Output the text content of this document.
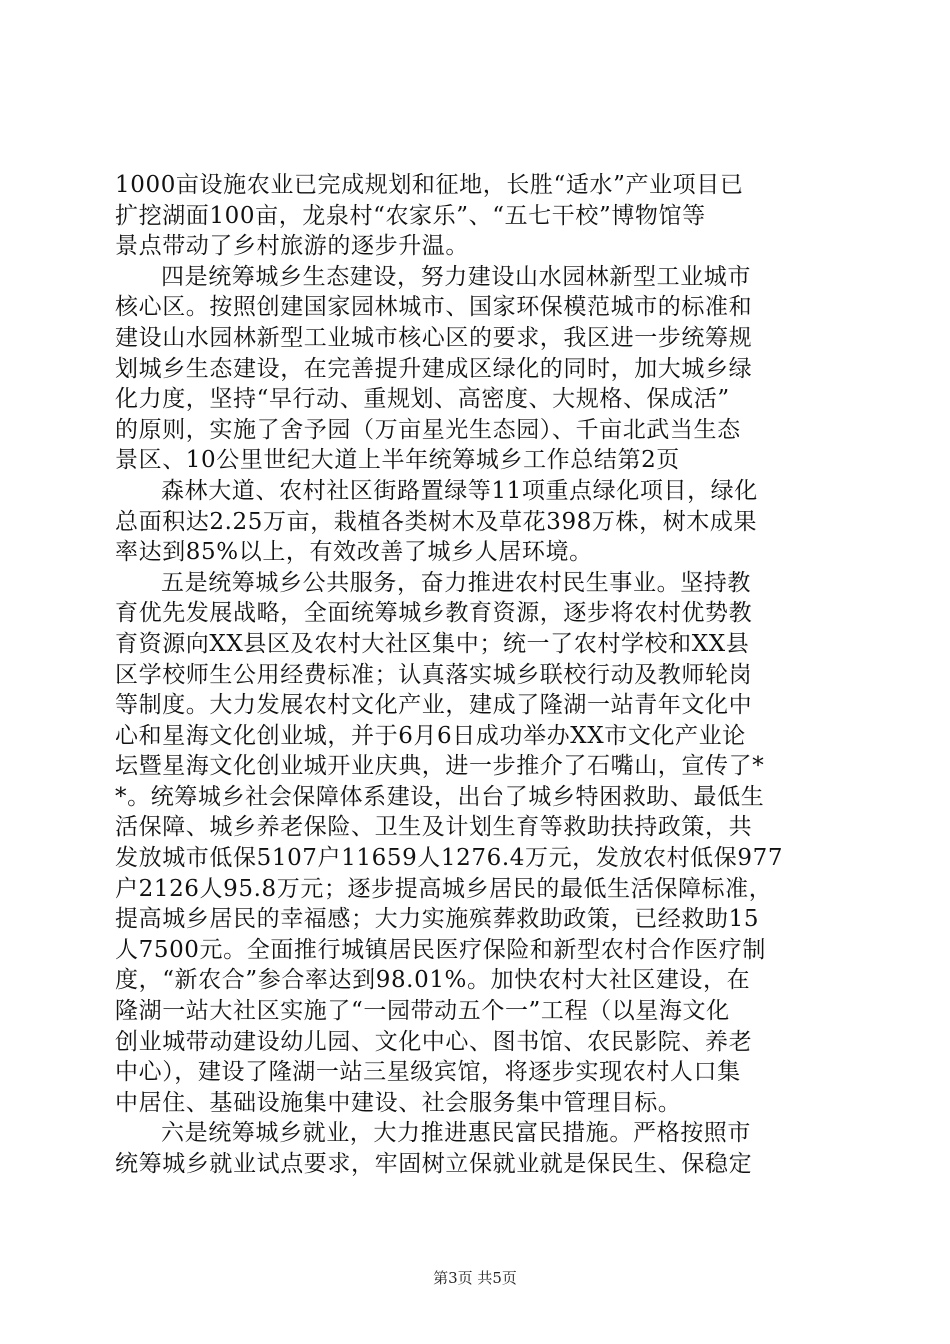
1000亩设施农业已完成规划和征地，长胜“适水”产业项目已
扩挖湖面100亩，龙泉村“农家乐”、“五七干校”博物馆等
景点带动了乡村旅游的逐步升温。
四是统筹城乡生态建设，努力建设山水园林新型工业城市
核心区。按照创建国家园林城市、国家环保模范城市的标准和
建设山水园林新型工业城市核心区的要求，我区进一步统筹规
划城乡生态建设，在完善提升建成区绿化的同时，加大城乡绿
化力度，坚持“早行动、重规划、高密度、大规格、保成活”
的原则，实施了舍予园（万亩星光生态园）、千亩北武当生态
景区、10公里世纪大道上半年统筹城乡工作总结第2页
森林大道、农村社区街路置绿等11项重点绿化项目，绿化
总面积达2.25万亩，栽植各类树木及草花398万株，树木成果
率达到85%以上，有效改善了城乡人居环境。
五是统筹城乡公共服务，奋力推进农村民生事业。坚持教
育优先发展战略，全面统筹城乡教育资源，逐步将农村优势教
育资源向XX县区及农村大社区集中；统一了农村学校和XX县
区学校师生公用经费标准；认真落实城乡联校行动及教师轮岗
等制度。大力发展农村文化产业，建成了隆湖一站青年文化中
心和星海文化创业城，并于6月6日成功举办XX市文化产业论
坛暨星海文化创业城开业庆典，进一步推介了石嘴山，宣传了*
*。统筹城乡社会保障体系建设，出台了城乡特困救助、最低生
活保障、城乡养老保险、卫生及计划生育等救助扶持政策，共
发放城市低保5107户11659人1276.4万元，发放农村低保977
户2126人95.8万元；逐步提高城乡居民的最低生活保障标准，
提高城乡居民的幸福感；大力实施殡葬救助政策，已经救助15
人7500元。全面推行城镇居民医疗保险和新型农村合作医疗制
度，“新农合”参合率达到98.01%。加快农村大社区建设，在
隆湖一站大社区实施了“一园带动五个一”工程（以星海文化
创业城带动建设幼儿园、文化中心、图书馆、农民影院、养老
中心），建设了隆湖一站三星级宾馆，将逐步实现农村人口集
中居住、基础设施集中建设、社会服务集中管理目标。
六是统筹城乡就业，大力推进惠民富民措施。严格按照市
统筹城乡就业试点要求，牢固树立保就业就是保民生、保稳定
第3页 共5页
